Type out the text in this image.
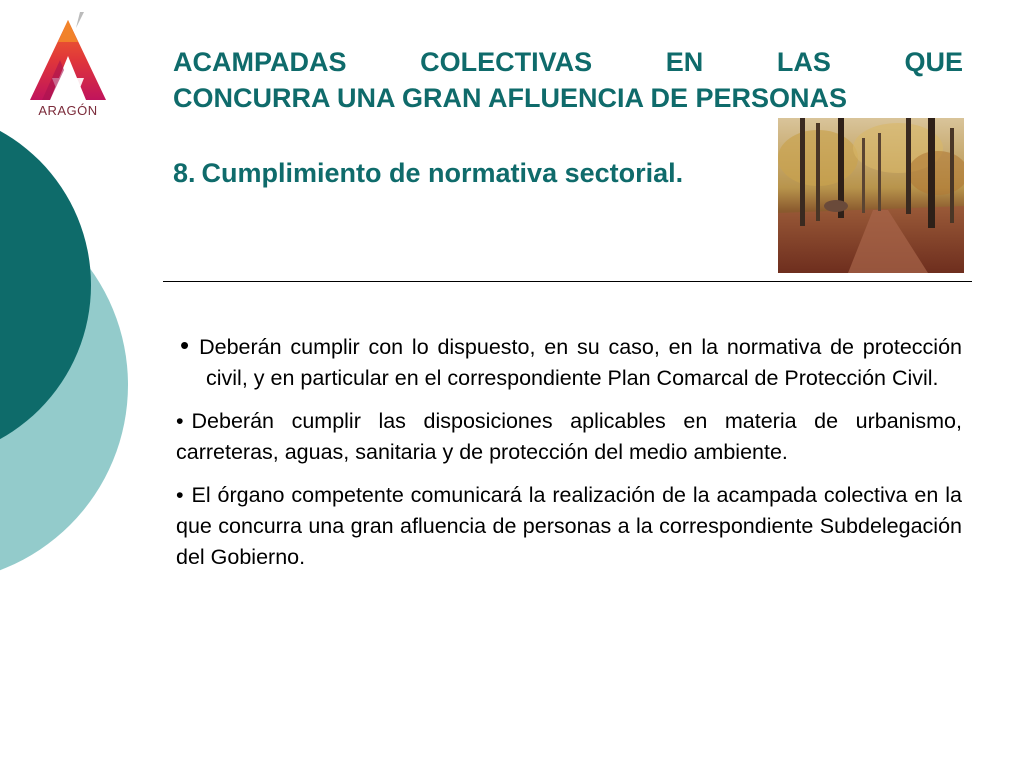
ARAGÓN
ACAMPADAS	COLECTIVAS	EN	LAS	QUE
CONCURRA UNA GRAN AFLUENCIA DE PERSONAS
8. Cumplimiento de normativa sectorial.

• Deberán cumplir con lo dispuesto, en su caso, en la normativa de protección civil, y en particular en el correspondiente Plan Comarcal de Protección Civil.

• Deberán cumplir las disposiciones aplicables en materia de urbanismo, carreteras, aguas, sanitaria y de protección del medio ambiente.

• El órgano competente comunicará la realización de la acampada colectiva en la que concurra una gran afluencia de personas a la correspondiente Subdelegación del Gobierno.
